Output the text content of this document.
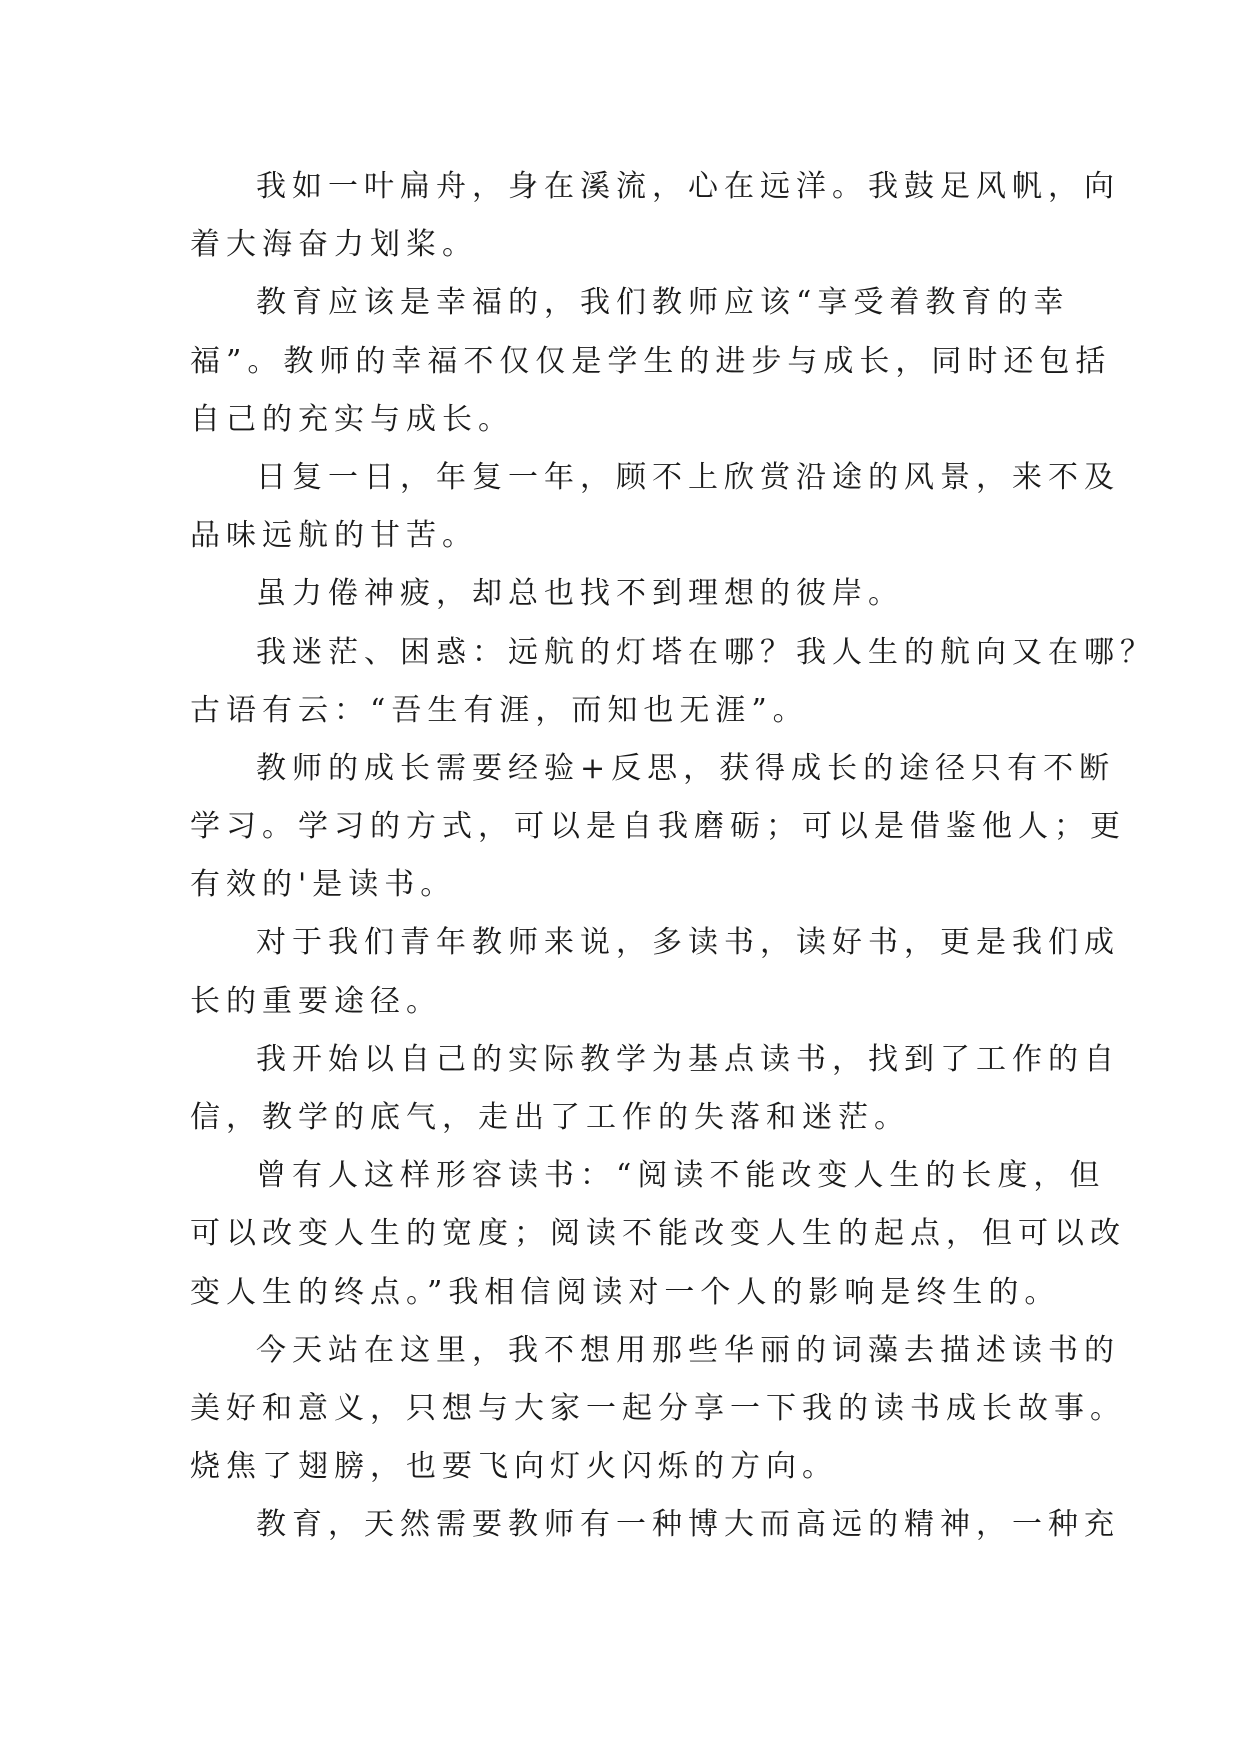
我如一叶扁舟，身在溪流，心在远洋。我鼓足风帆，向
着大海奋力划桨。
教育应该是幸福的，我们教师应该“享受着教育的幸
福”。教师的幸福不仅仅是学生的进步与成长，同时还包括
自己的充实与成长。
日复一日，年复一年，顾不上欣赏沿途的风景，来不及
品味远航的甘苦。
虽力倦神疲，却总也找不到理想的彼岸。
我迷茫、困惑：远航的灯塔在哪？我人生的航向又在哪？
古语有云：“吾生有涯，而知也无涯”。
教师的成长需要经验+反思，获得成长的途径只有不断
学习。学习的方式，可以是自我磨砺；可以是借鉴他人；更
有效的'是读书。
对于我们青年教师来说，多读书，读好书，更是我们成
长的重要途径。
我开始以自己的实际教学为基点读书，找到了工作的自
信，教学的底气，走出了工作的失落和迷茫。
曾有人这样形容读书：“阅读不能改变人生的长度，但
可以改变人生的宽度；阅读不能改变人生的起点，但可以改
变人生的终点。”我相信阅读对一个人的影响是终生的。
今天站在这里，我不想用那些华丽的词藻去描述读书的
美好和意义，只想与大家一起分享一下我的读书成长故事。
烧焦了翅膀，也要飞向灯火闪烁的方向。
教育，天然需要教师有一种博大而高远的精神，一种充
